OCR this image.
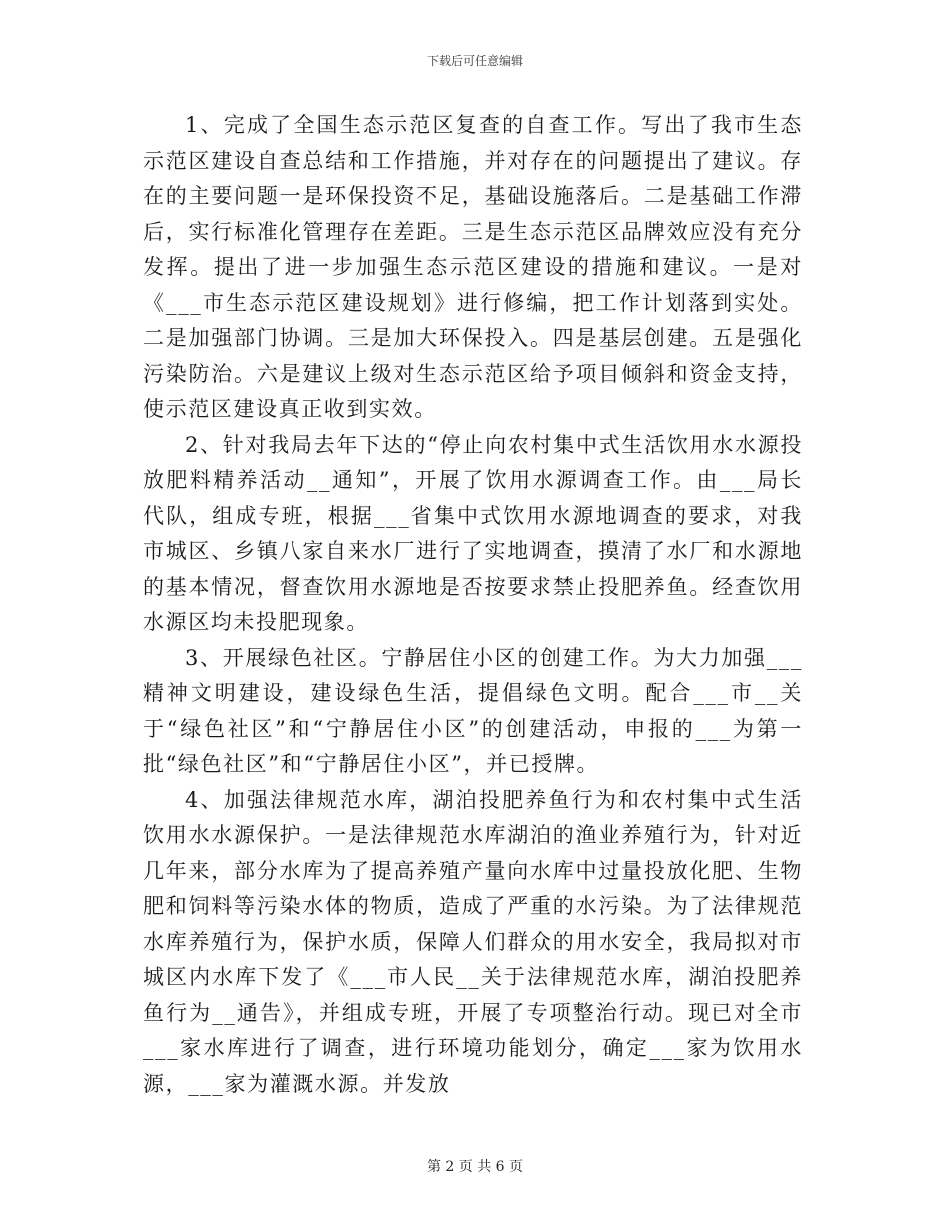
下载后可任意编辑

1、完成了全国生态示范区复查的自查工作。写出了我市生态示范区建设自查总结和工作措施，并对存在的问题提出了建议。存在的主要问题一是环保投资不足，基础设施落后。二是基础工作滞后，实行标准化管理存在差距。三是生态示范区品牌效应没有充分发挥。提出了进一步加强生态示范区建设的措施和建议。一是对《___市生态示范区建设规划》进行修编，把工作计划落到实处。二是加强部门协调。三是加大环保投入。四是基层创建。五是强化污染防治。六是建议上级对生态示范区给予项目倾斜和资金支持，使示范区建设真正收到实效。

2、针对我局去年下达的“停止向农村集中式生活饮用水水源投放肥料精养活动__通知”，开展了饮用水源调查工作。由___局长代队，组成专班，根据___省集中式饮用水源地调查的要求，对我市城区、乡镇八家自来水厂进行了实地调查，摸清了水厂和水源地的基本情况，督查饮用水源地是否按要求禁止投肥养鱼。经查饮用水源区均未投肥现象。

3、开展绿色社区。宁静居住小区的创建工作。为大力加强___精神文明建设，建设绿色生活，提倡绿色文明。配合___市__关于“绿色社区”和“宁静居住小区”的创建活动，申报的___为第一批“绿色社区”和“宁静居住小区”，并已授牌。

4、加强法律规范水库，湖泊投肥养鱼行为和农村集中式生活饮用水水源保护。一是法律规范水库湖泊的渔业养殖行为，针对近几年来，部分水库为了提高养殖产量向水库中过量投放化肥、生物肥和饲料等污染水体的物质，造成了严重的水污染。为了法律规范水库养殖行为，保护水质，保障人们群众的用水安全，我局拟对市城区内水库下发了《___市人民__关于法律规范水库，湖泊投肥养鱼行为__通告》，并组成专班，开展了专项整治行动。现已对全市___家水库进行了调查，进行环境功能划分，确定___家为饮用水源，___家为灌溉水源。并发放

第 2 页 共 6 页
